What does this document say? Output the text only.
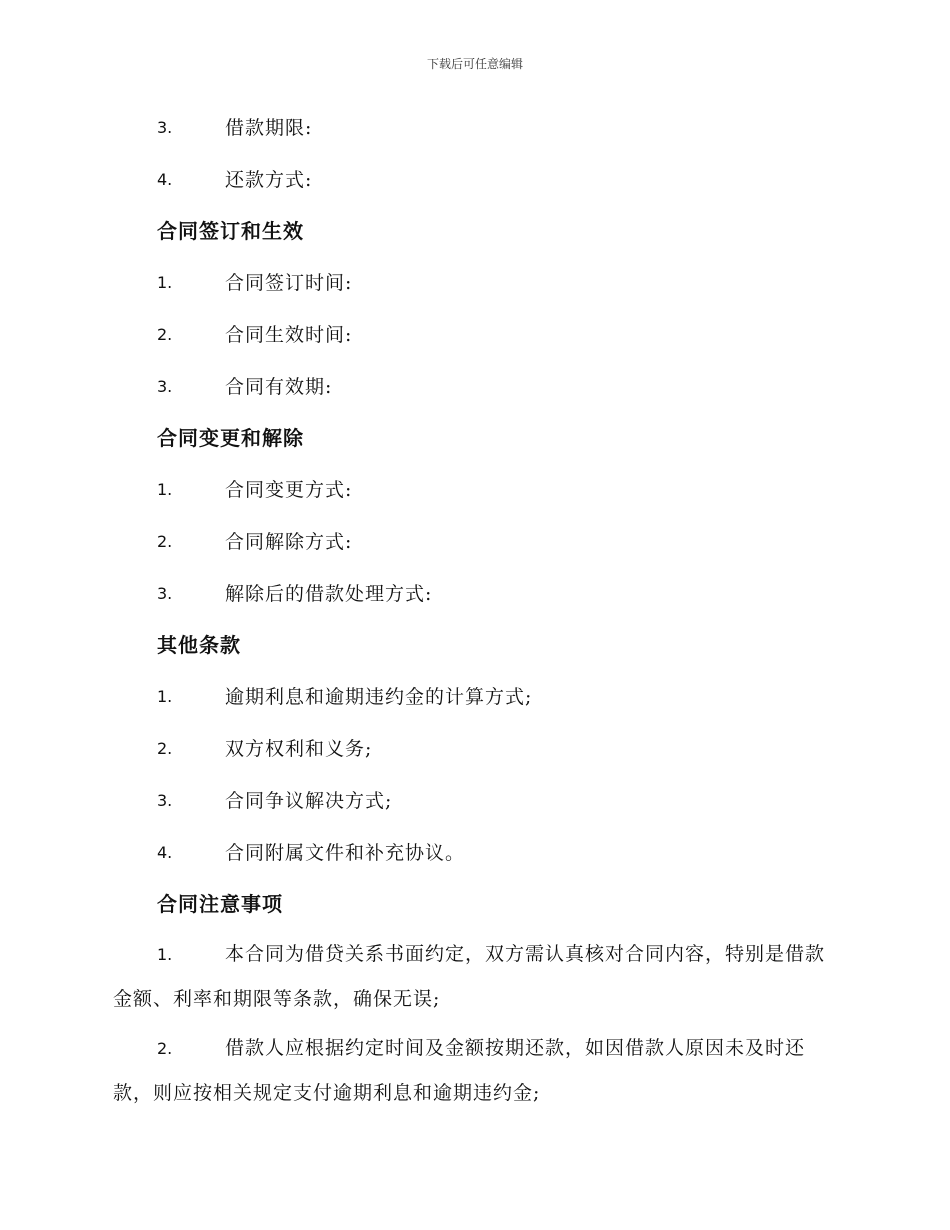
下载后可任意编辑
3.	借款期限:
4.	还款方式:
合同签订和生效
1.	合同签订时间:
2.	合同生效时间:
3.	合同有效期:
合同变更和解除
1.	合同变更方式:
2.	合同解除方式:
3.	解除后的借款处理方式:
其他条款
1.	逾期利息和逾期违约金的计算方式;
2.	双方权利和义务;
3.	合同争议解决方式;
4.	合同附属文件和补充协议。
合同注意事项
1.	本合同为借贷关系书面约定，双方需认真核对合同内容，特别是借款金额、利率和期限等条款，确保无误;
2.	借款人应根据约定时间及金额按期还款，如因借款人原因未及时还款，则应按相关规定支付逾期利息和逾期违约金;
